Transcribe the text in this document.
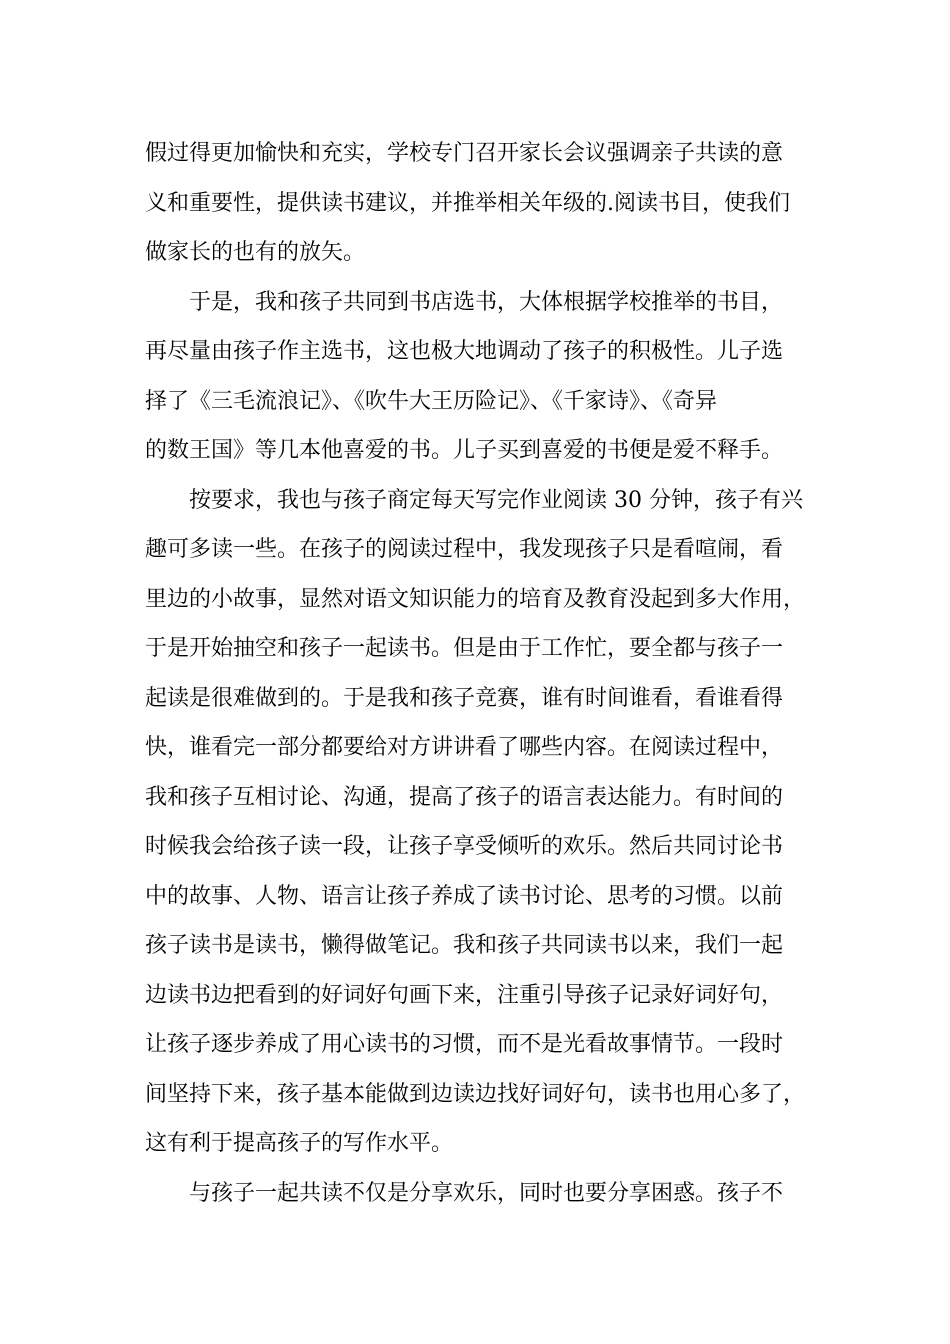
假过得更加愉快和充实，学校专门召开家长会议强调亲子共读的意
义和重要性，提供读书建议，并推举相关年级的.阅读书目，使我们
做家长的也有的放矢。
于是，我和孩子共同到书店选书，大体根据学校推举的书目，
再尽量由孩子作主选书，这也极大地调动了孩子的积极性。儿子选
择了《三毛流浪记》、《吹牛大王历险记》、《千家诗》、《奇异
的数王国》等几本他喜爱的书。儿子买到喜爱的书便是爱不释手。
按要求，我也与孩子商定每天写完作业阅读 30 分钟，孩子有兴
趣可多读一些。在孩子的阅读过程中，我发现孩子只是看喧闹，看
里边的小故事，显然对语文知识能力的培育及教育没起到多大作用，
于是开始抽空和孩子一起读书。但是由于工作忙，要全都与孩子一
起读是很难做到的。于是我和孩子竞赛，谁有时间谁看，看谁看得
快，谁看完一部分都要给对方讲讲看了哪些内容。在阅读过程中，
我和孩子互相讨论、沟通，提高了孩子的语言表达能力。有时间的
时候我会给孩子读一段，让孩子享受倾听的欢乐。然后共同讨论书
中的故事、人物、语言让孩子养成了读书讨论、思考的习惯。以前
孩子读书是读书，懒得做笔记。我和孩子共同读书以来，我们一起
边读书边把看到的好词好句画下来，注重引导孩子记录好词好句，
让孩子逐步养成了用心读书的习惯，而不是光看故事情节。一段时
间坚持下来，孩子基本能做到边读边找好词好句，读书也用心多了，
这有利于提高孩子的写作水平。
与孩子一起共读不仅是分享欢乐，同时也要分享困惑。孩子不
